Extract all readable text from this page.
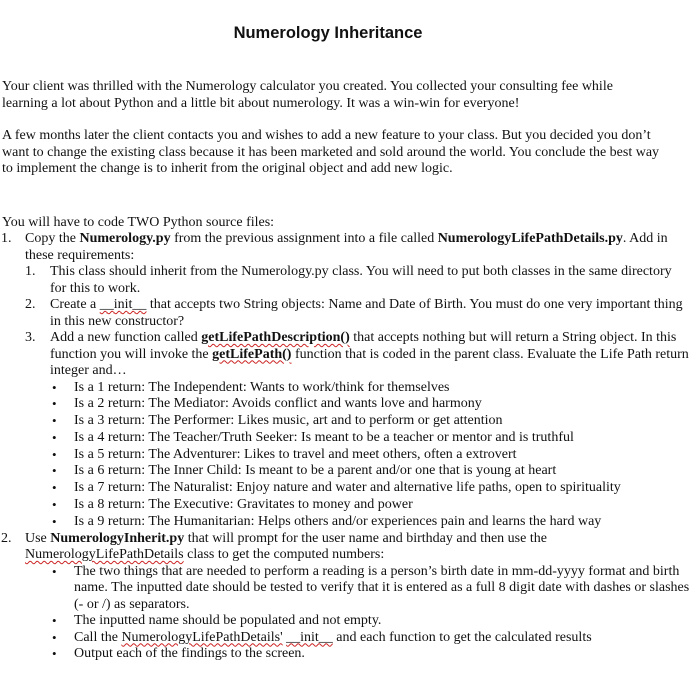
Numerology Inheritance

Your client was thrilled with the Numerology calculator you created. You collected your consulting fee while learning a lot about Python and a little bit about numerology. It was a win-win for everyone!

A few months later the client contacts you and wishes to add a new feature to your class. But you decided you don’t want to change the existing class because it has been marketed and sold around the world. You conclude the best way to implement the change is to inherit from the original object and add new logic.

You will have to code TWO Python source files:

1. Copy the Numerology.py from the previous assignment into a file called NumerologyLifePathDetails.py. Add in these requirements:
1. This class should inherit from the Numerology.py class. You will need to put both classes in the same directory for this to work.
2. Create a __init__ that accepts two String objects: Name and Date of Birth. You must do one very important thing in this new constructor?
3. Add a new function called getLifePathDescription() that accepts nothing but will return a String object. In this function you will invoke the getLifePath() function that is coded in the parent class. Evaluate the Life Path return integer and…
• Is a 1 return: The Independent: Wants to work/think for themselves
• Is a 2 return: The Mediator: Avoids conflict and wants love and harmony
• Is a 3 return: The Performer: Likes music, art and to perform or get attention
• Is a 4 return: The Teacher/Truth Seeker: Is meant to be a teacher or mentor and is truthful
• Is a 5 return: The Adventurer: Likes to travel and meet others, often a extrovert
• Is a 6 return: The Inner Child: Is meant to be a parent and/or one that is young at heart
• Is a 7 return: The Naturalist: Enjoy nature and water and alternative life paths, open to spirituality
• Is a 8 return: The Executive: Gravitates to money and power
• Is a 9 return: The Humanitarian: Helps others and/or experiences pain and learns the hard way
2. Use NumerologyInherit.py that will prompt for the user name and birthday and then use the NumerologyLifePathDetails class to get the computed numbers:
• The two things that are needed to perform a reading is a person’s birth date in mm-dd-yyyy format and birth name. The inputted date should be tested to verify that it is entered as a full 8 digit date with dashes or slashes (- or /) as separators.
• The inputted name should be populated and not empty.
• Call the NumerologyLifePathDetails' __init__ and each function to get the calculated results
• Output each of the findings to the screen.
